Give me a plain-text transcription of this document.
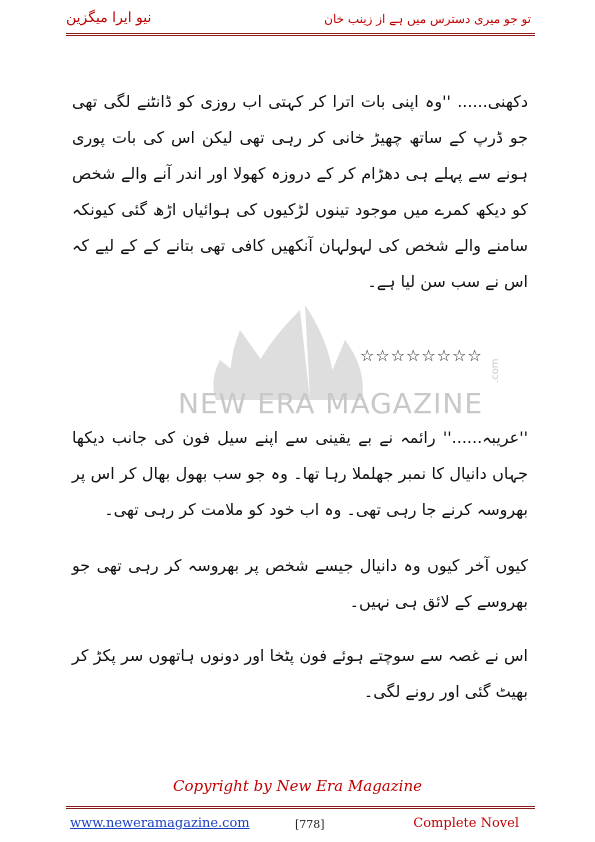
نیو ایرا میگزین	تو جو میری دسترس میں ہے از زینب خان
NEW ERA MAGAZINE
.com

دکھنی...... ''وہ اپنی بات اترا کر کہتی اب روزی کو ڈانٹنے لگی تھی جو ڈرپ کے ساتھ چھیڑ خانی کر رہی تھی لیکن اس کی بات پوری ہونے سے پہلے ہی دھڑام کر کے دروزہ کھولا اور اندر آنے والے شخص کو دیکھ کمرے میں موجود تینوں لڑکیوں کی ہوائیاں اڑھ گئی کیونکہ سامنے والے شخص کی لہولہان آنکھیں کافی تھی بتانے کے کے لیے کہ اس نے سب سن لیا ہے۔

☆☆☆☆☆☆☆☆

''عریبہ......'' رائمہ نے بے یقینی سے اپنے سیل فون کی جانب دیکھا جہاں دانیال کا نمبر جھلملا رہا تھا۔ وہ جو سب بھول بھال کر اس پر بھروسہ کرنے جا رہی تھی۔ وہ اب خود کو ملامت کر رہی تھی۔

کیوں آخر کیوں وہ دانیال جیسے شخص پر بھروسہ کر رہی تھی جو بھروسے کے لائق ہی نہیں۔

اس نے غصہ سے سوچتے ہوئے فون پٹخا اور دونوں ہاتھوں سر پکڑ کر بھیٹ گئی اور رونے لگی۔

Copyright by New Era Magazine
www.neweramagazine.com	[778]	Complete Novel
